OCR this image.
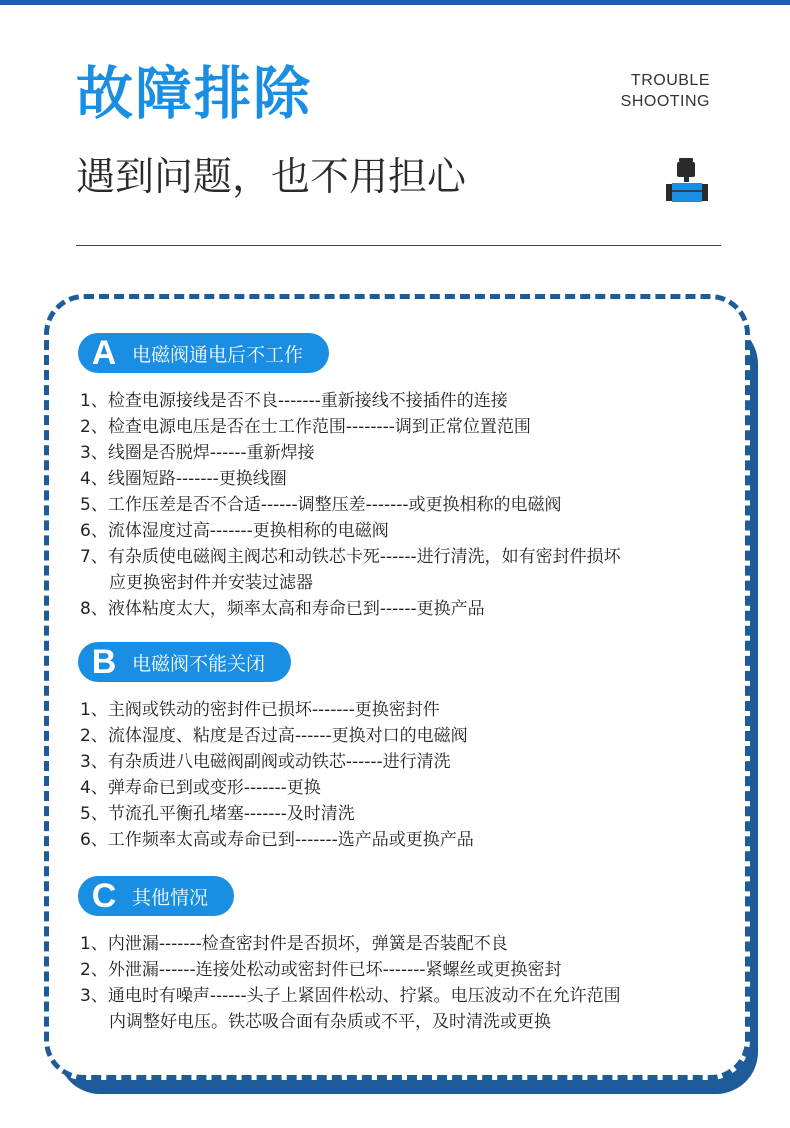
故障排除	TROUBLE
SHOOTING
遇到问题，也不用担心
A 电磁阀通电后不工作
1、检查电源接线是否不良-------重新接线不接插件的连接
2、检查电源电压是否在士工作范围--------调到正常位置范围
3、线圈是否脱焊------重新焊接
4、线圈短路-------更换线圈
5、工作压差是否不合适------调整压差-------或更换相称的电磁阀
6、流体湿度过高-------更换相称的电磁阀
7、有杂质使电磁阀主阀芯和动铁芯卡死------进行清洗，如有密封件损坏
应更换密封件并安装过滤器
8、液体粘度太大，频率太高和寿命已到------更换产品
B 电磁阀不能关闭
1、主阀或铁动的密封件已损坏-------更换密封件
2、流体湿度、粘度是否过高------更换对口的电磁阀
3、有杂质进八电磁阀副阀或动铁芯------进行清洗
4、弹寿命已到或变形-------更换
5、节流孔平衡孔堵塞-------及时清洗
6、工作频率太高或寿命已到-------选产品或更换产品
C 其他情况
1、内泄漏-------检查密封件是否损坏，弹簧是否装配不良
2、外泄漏------连接处松动或密封件已坏-------紧螺丝或更换密封
3、通电时有噪声------头子上紧固件松动、拧紧。电压波动不在允许范围
内调整好电压。铁芯吸合面有杂质或不平，及时清洗或更换
